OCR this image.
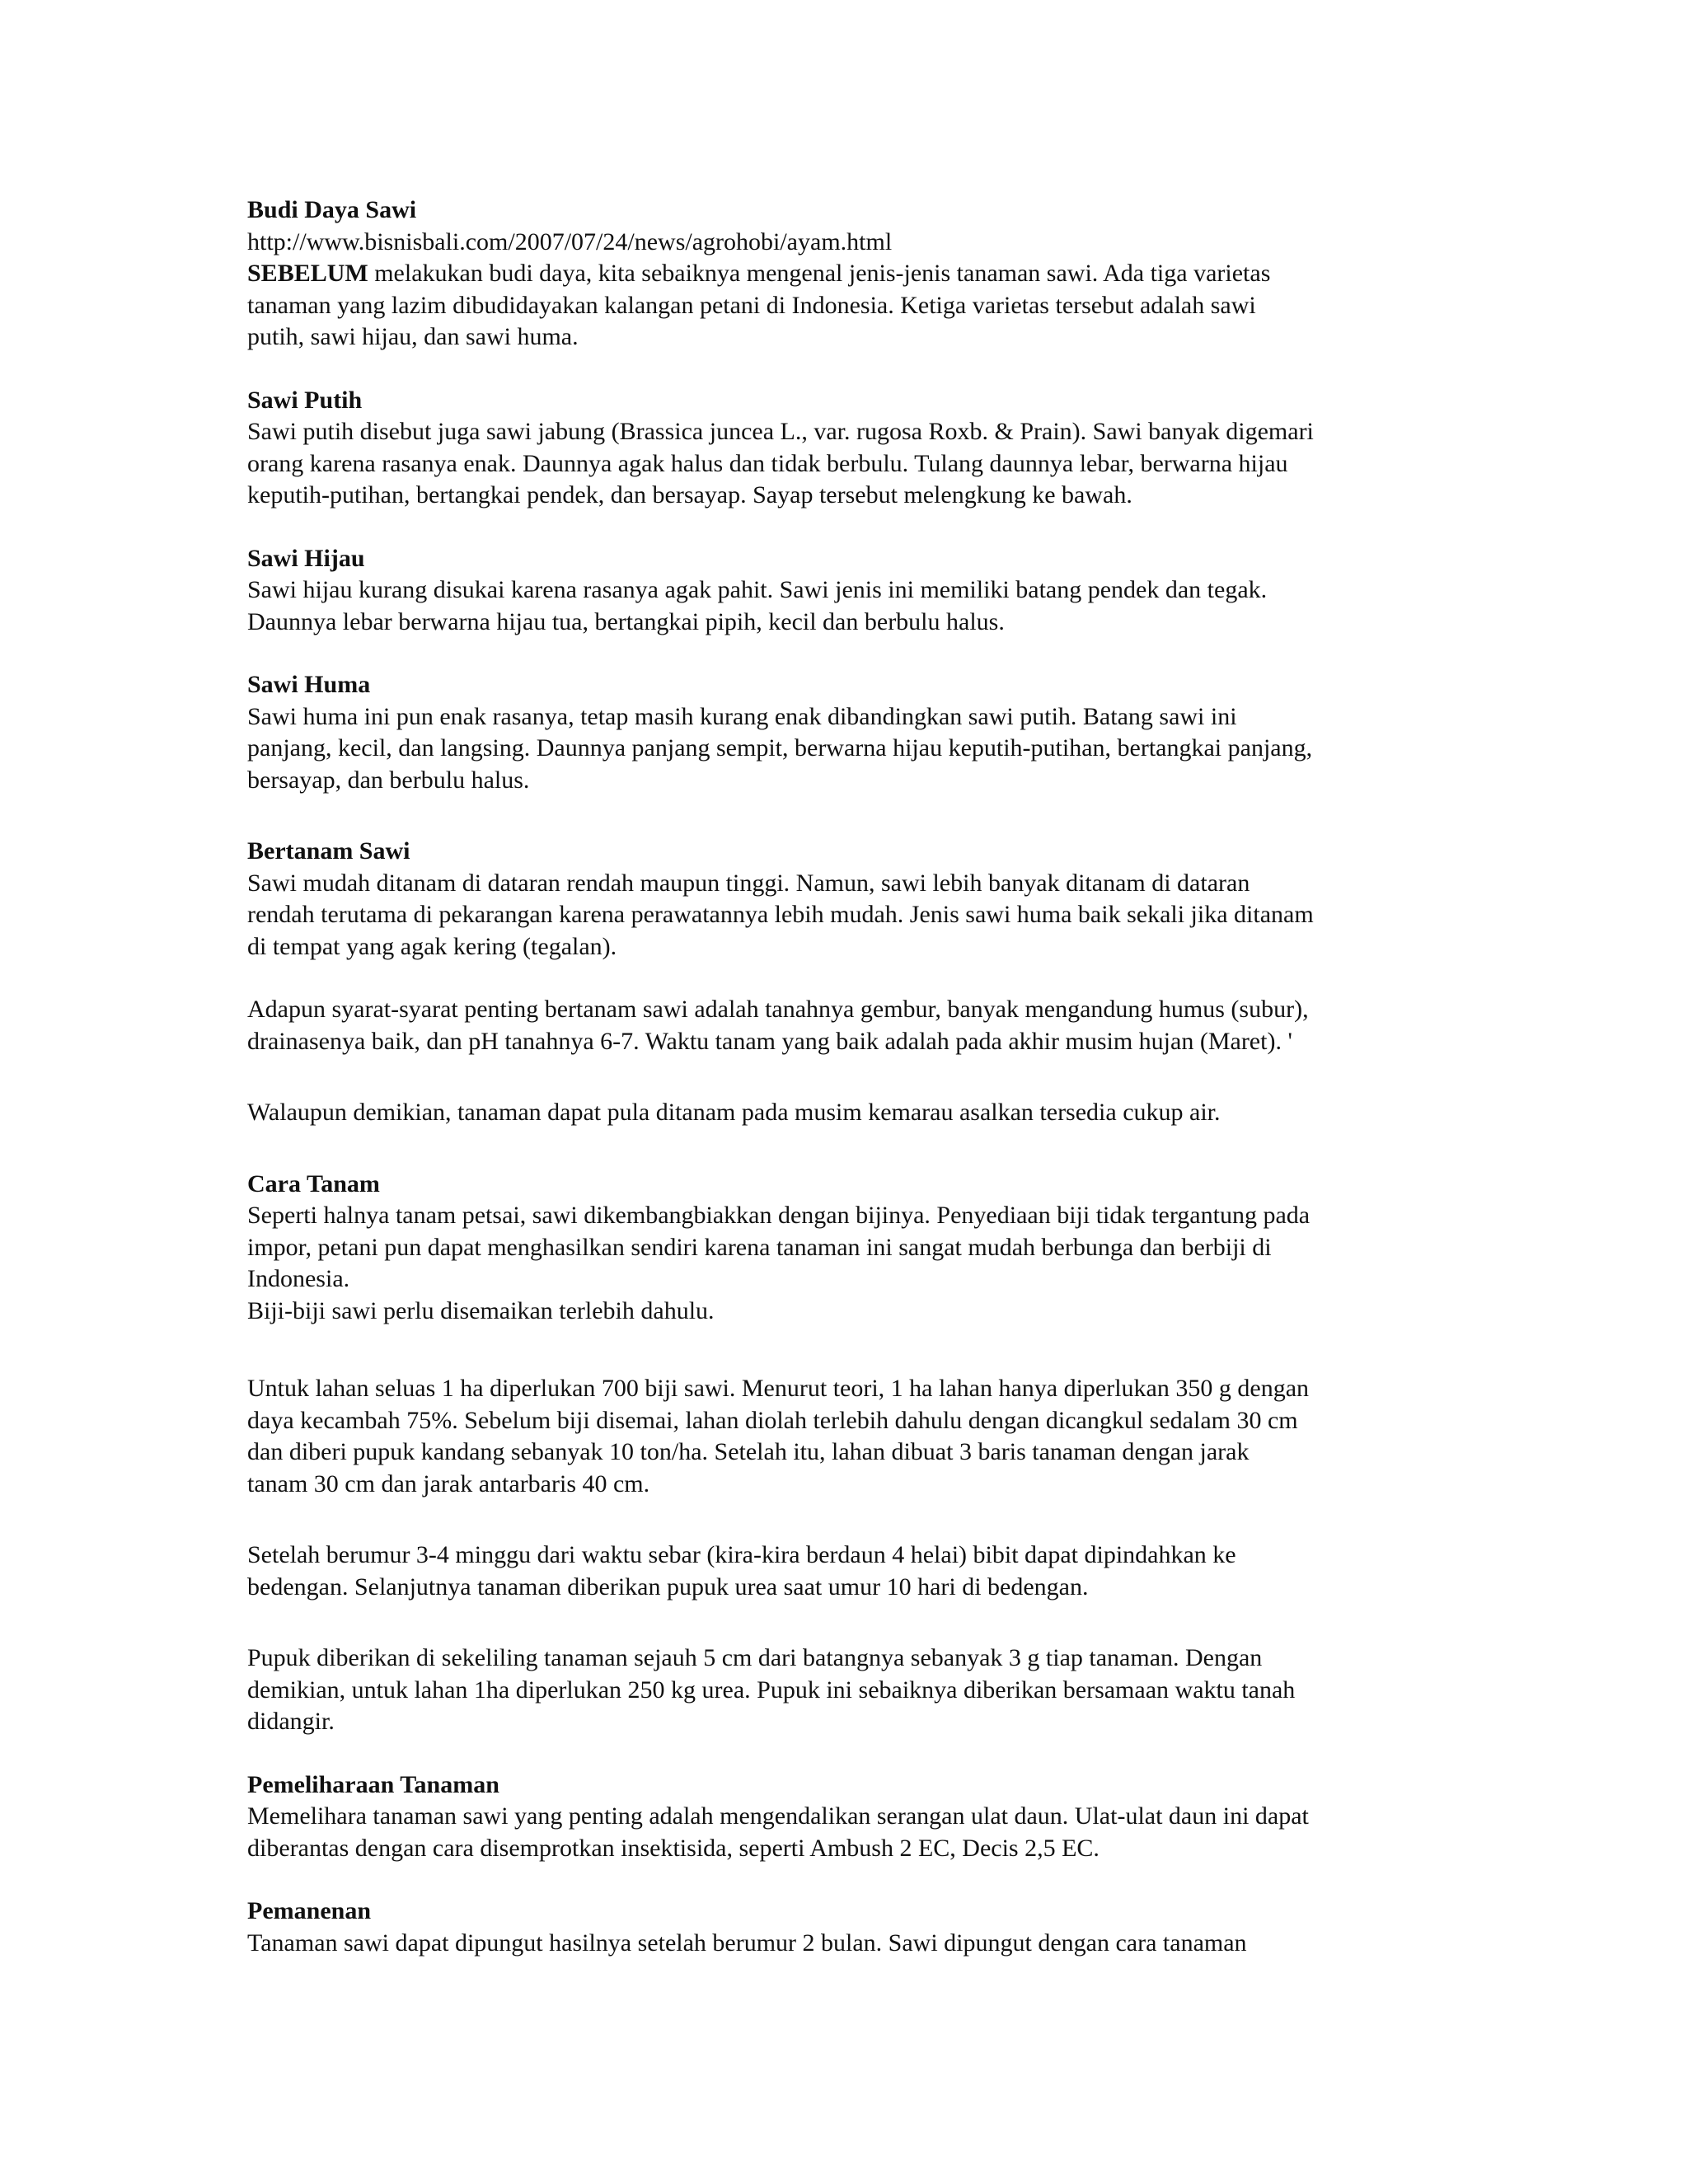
Budi Daya Sawi
http://www.bisnisbali.com/2007/07/24/news/agrohobi/ayam.html
SEBELUM melakukan budi daya, kita sebaiknya mengenal jenis-jenis tanaman sawi. Ada tiga varietas
tanaman yang lazim dibudidayakan kalangan petani di Indonesia. Ketiga varietas tersebut adalah sawi
putih, sawi hijau, dan sawi huma.
Sawi Putih
Sawi putih disebut juga sawi jabung (Brassica juncea L., var. rugosa Roxb. & Prain). Sawi banyak digemari
orang karena rasanya enak. Daunnya agak halus dan tidak berbulu. Tulang daunnya lebar, berwarna hijau
keputih-putihan, bertangkai pendek, dan bersayap. Sayap tersebut melengkung ke bawah.
Sawi Hijau
Sawi hijau kurang disukai karena rasanya agak pahit. Sawi jenis ini memiliki batang pendek dan tegak.
Daunnya lebar berwarna hijau tua, bertangkai pipih, kecil dan berbulu halus.
Sawi Huma
Sawi huma ini pun enak rasanya, tetap masih kurang enak dibandingkan sawi putih. Batang sawi ini
panjang, kecil, dan langsing. Daunnya panjang sempit, berwarna hijau keputih-putihan, bertangkai panjang,
bersayap, dan berbulu halus.
Bertanam Sawi
Sawi mudah ditanam di dataran rendah maupun tinggi. Namun, sawi lebih banyak ditanam di dataran
rendah terutama di pekarangan karena perawatannya lebih mudah. Jenis sawi huma baik sekali jika ditanam
di tempat yang agak kering (tegalan).
Adapun syarat-syarat penting bertanam sawi adalah tanahnya gembur, banyak mengandung humus (subur),
drainasenya baik, dan pH tanahnya 6-7. Waktu tanam yang baik adalah pada akhir musim hujan (Maret). '
Walaupun demikian, tanaman dapat pula ditanam pada musim kemarau asalkan tersedia cukup air.
Cara Tanam
Seperti halnya tanam petsai, sawi dikembangbiakkan dengan bijinya. Penyediaan biji tidak tergantung pada
impor, petani pun dapat menghasilkan sendiri karena tanaman ini sangat mudah berbunga dan berbiji di
Indonesia.
Biji-biji sawi perlu disemaikan terlebih dahulu.
Untuk lahan seluas 1 ha diperlukan 700 biji sawi. Menurut teori, 1 ha lahan hanya diperlukan 350 g dengan
daya kecambah 75%. Sebelum biji disemai, lahan diolah terlebih dahulu dengan dicangkul sedalam 30 cm
dan diberi pupuk kandang sebanyak 10 ton/ha. Setelah itu, lahan dibuat 3 baris tanaman dengan jarak
tanam 30 cm dan jarak antarbaris 40 cm.
Setelah berumur 3-4 minggu dari waktu sebar (kira-kira berdaun 4 helai) bibit dapat dipindahkan ke
bedengan. Selanjutnya tanaman diberikan pupuk urea saat umur 10 hari di bedengan.
Pupuk diberikan di sekeliling tanaman sejauh 5 cm dari batangnya sebanyak 3 g tiap tanaman. Dengan
demikian, untuk lahan 1ha diperlukan 250 kg urea. Pupuk ini sebaiknya diberikan bersamaan waktu tanah
didangir.
Pemeliharaan Tanaman
Memelihara tanaman sawi yang penting adalah mengendalikan serangan ulat daun. Ulat-ulat daun ini dapat
diberantas dengan cara disemprotkan insektisida, seperti Ambush 2 EC, Decis 2,5 EC.
Pemanenan
Tanaman sawi dapat dipungut hasilnya setelah berumur 2 bulan. Sawi dipungut dengan cara tanaman
